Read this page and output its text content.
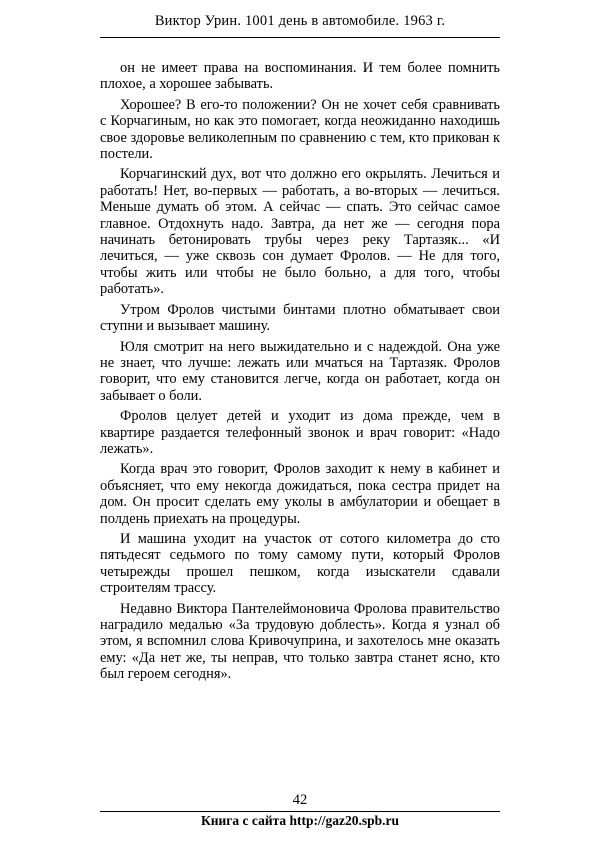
Виктор Урин. 1001 день в автомобиле. 1963 г.

он не имеет права на воспоминания. И тем более помнить плохое, а хорошее забывать.

Хорошее? В его-то положении? Он не хочет себя сравнивать с Корчагиным, но как это помогает, когда неожиданно находишь свое здоровье великолепным по сравнению с тем, кто прикован к постели.

Корчагинский дух, вот что должно его окрылять. Лечиться и работать! Нет, во-первых — работать, а во-вторых — лечиться. Меньше думать об этом. А сейчас — спать. Это сейчас самое главное. Отдохнуть надо. Завтра, да нет же — сегодня пора начинать бетонировать трубы через реку Тартазяк... «И лечиться, — уже сквозь сон думает Фролов. — Не для того, чтобы жить или чтобы не было больно, а для того, чтобы работать».

Утром Фролов чистыми бинтами плотно обматывает свои ступни и вызывает машину.

Юля смотрит на него выжидательно и с надеждой. Она уже не знает, что лучше: лежать или мчаться на Тартазяк. Фролов говорит, что ему становится легче, когда он работает, когда он забывает о боли.

Фролов целует детей и уходит из дома прежде, чем в квартире раздается телефонный звонок и врач говорит: «Надо лежать».

Когда врач это говорит, Фролов заходит к нему в кабинет и объясняет, что ему некогда дожидаться, пока сестра придет на дом. Он просит сделать ему уколы в амбулатории и обещает в полдень приехать на процедуры.

И машина уходит на участок от сотого километра до сто пятьдесят седьмого по тому самому пути, который Фролов четырежды прошел пешком, когда изыскатели сдавали строителям трассу.

Недавно Виктора Пантелеймоновича Фролова правительство наградило медалью «За трудовую доблесть». Когда я узнал об этом, я вспомнил слова Кривочуприна, и захотелось мне оказать ему: «Да нет же, ты неправ, что только завтра станет ясно, кто был героем сегодня».

42
Книга с сайта http://gaz20.spb.ru
